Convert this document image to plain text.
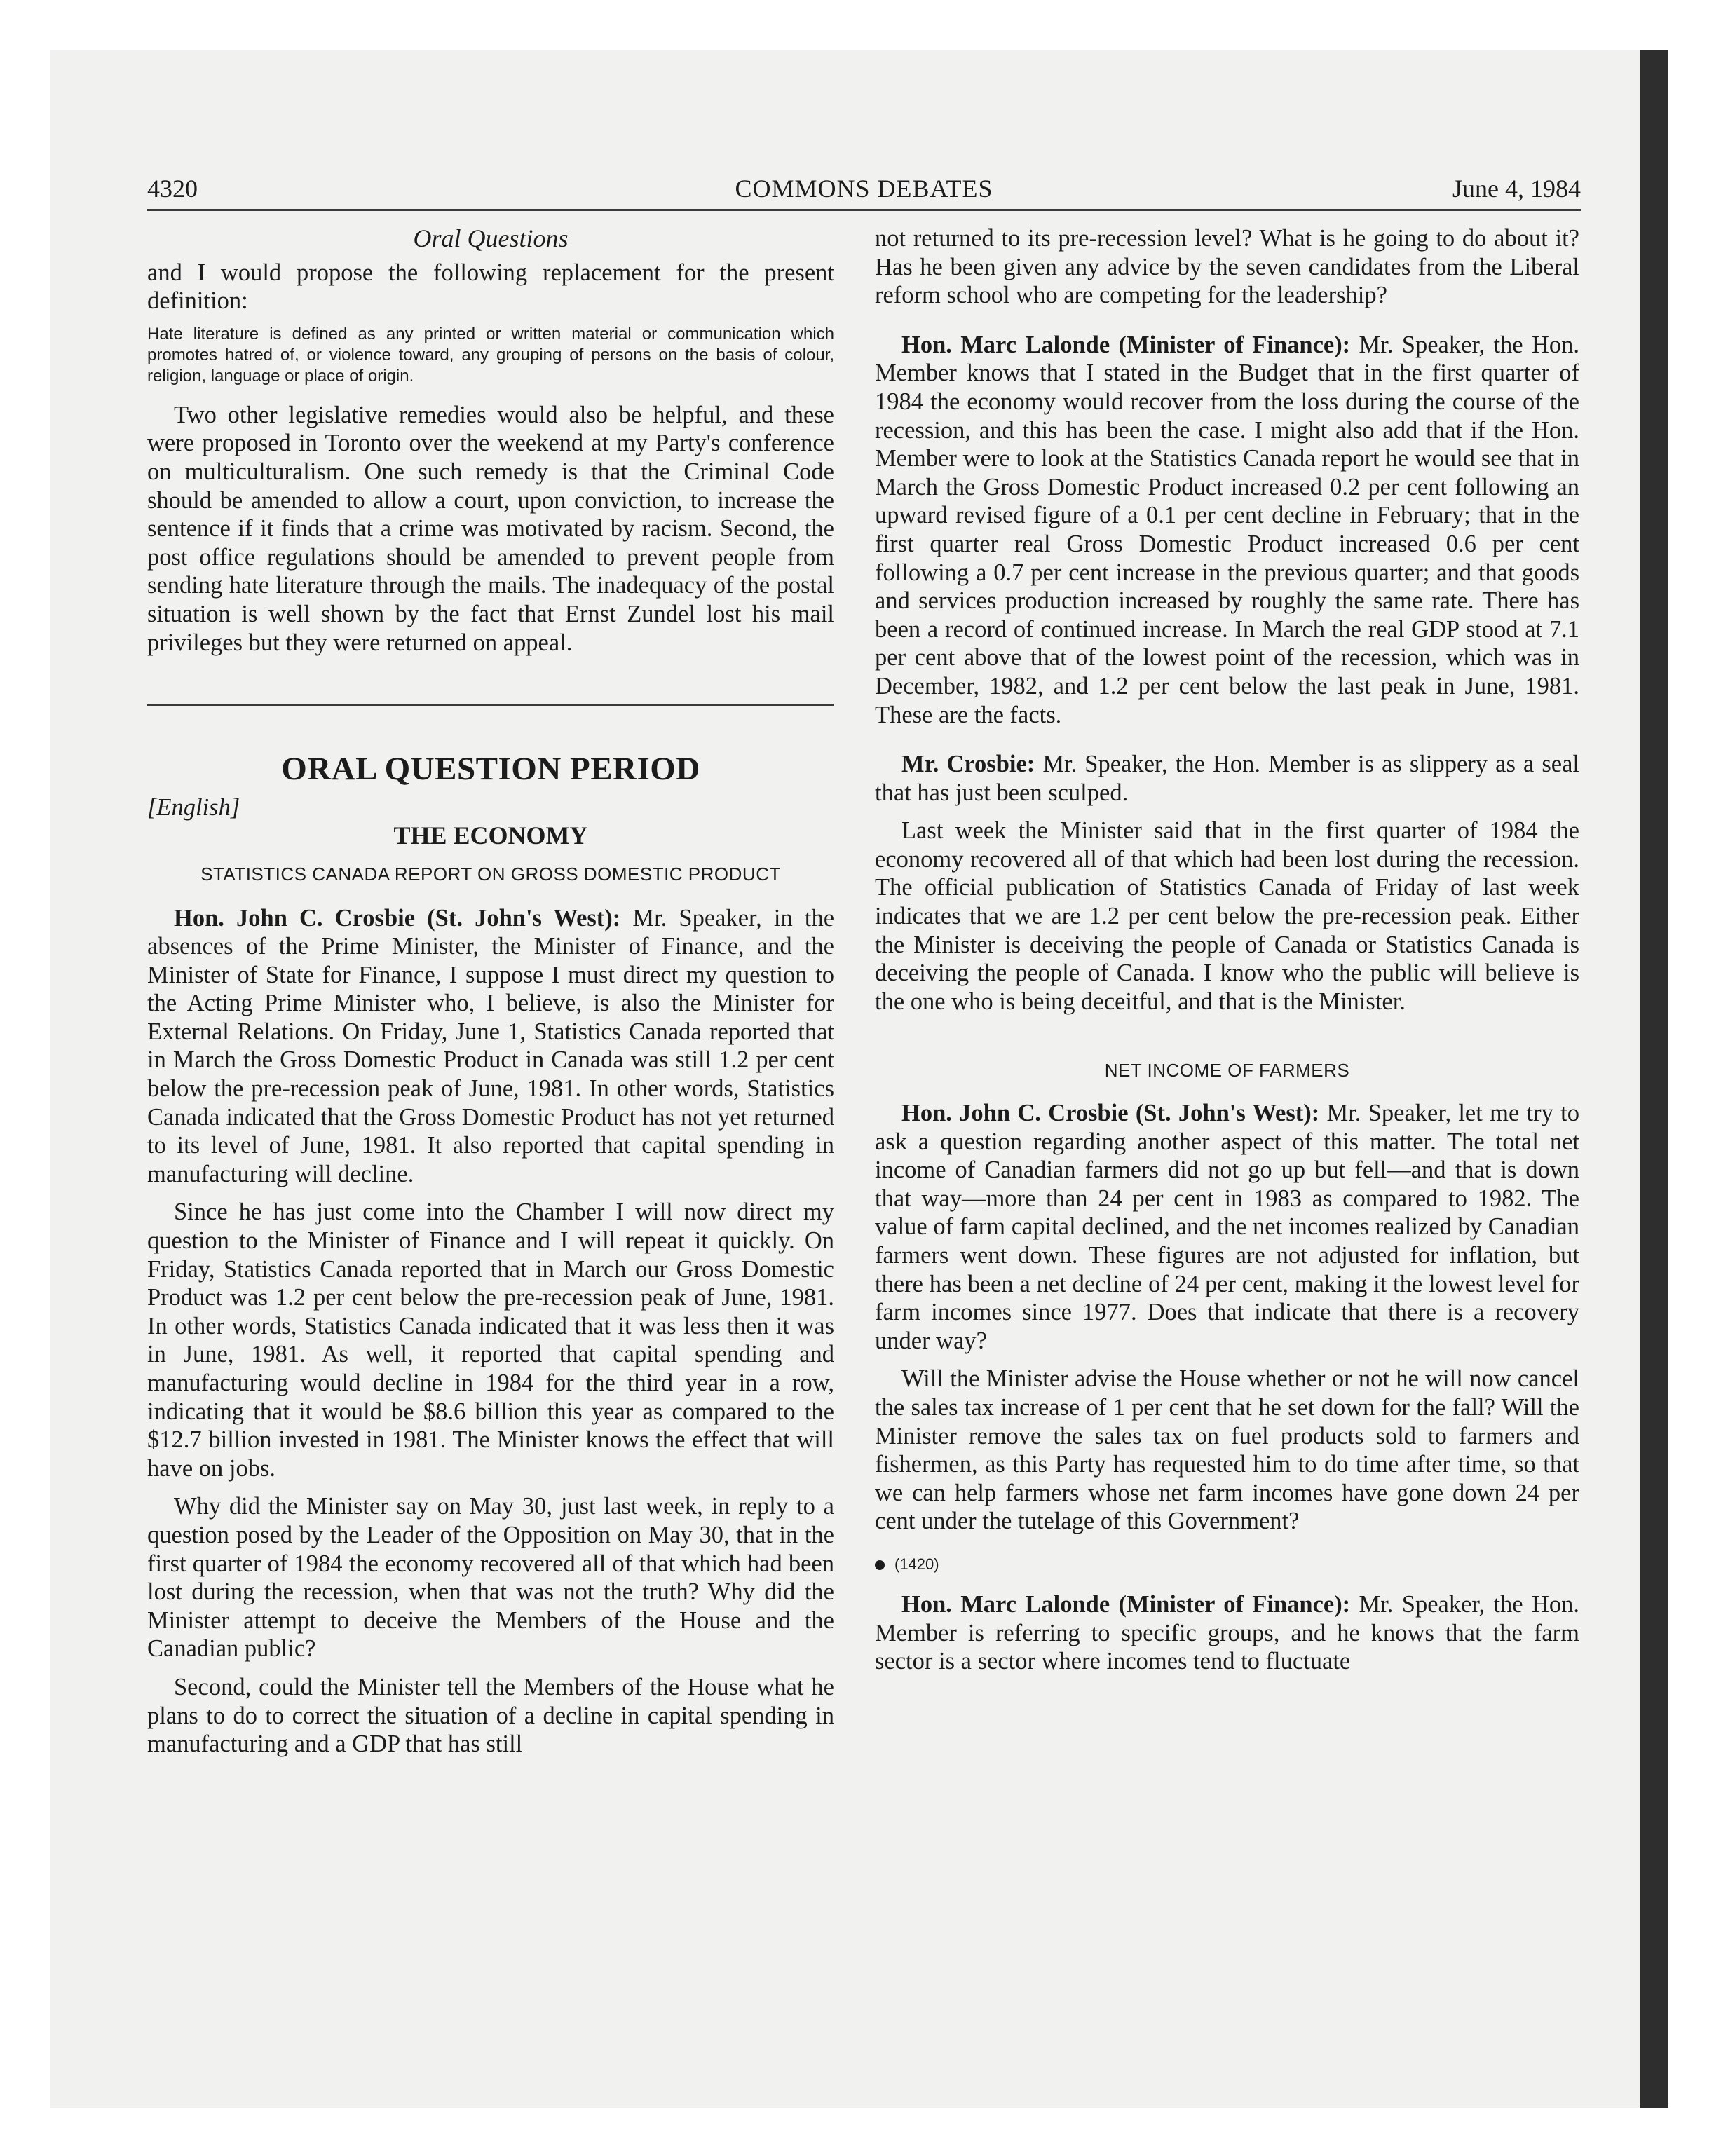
4320	COMMONS DEBATES	June 4, 1984
Oral Questions

and I would propose the following replacement for the present definition:

Hate literature is defined as any printed or written material or communication which promotes hatred of, or violence toward, any grouping of persons on the basis of colour, religion, language or place of origin.

Two other legislative remedies would also be helpful, and these were proposed in Toronto over the weekend at my Party's conference on multiculturalism. One such remedy is that the Criminal Code should be amended to allow a court, upon conviction, to increase the sentence if it finds that a crime was motivated by racism. Second, the post office regulations should be amended to prevent people from sending hate literature through the mails. The inadequacy of the postal situation is well shown by the fact that Ernst Zundel lost his mail privileges but they were returned on appeal.

ORAL QUESTION PERIOD
[English]
THE ECONOMY
STATISTICS CANADA REPORT ON GROSS DOMESTIC PRODUCT

Hon. John C. Crosbie (St. John's West): Mr. Speaker, in the absences of the Prime Minister, the Minister of Finance, and the Minister of State for Finance, I suppose I must direct my question to the Acting Prime Minister who, I believe, is also the Minister for External Relations. On Friday, June 1, Statistics Canada reported that in March the Gross Domestic Product in Canada was still 1.2 per cent below the pre-recession peak of June, 1981. In other words, Statistics Canada indicated that the Gross Domestic Product has not yet returned to its level of June, 1981. It also reported that capital spending in manufacturing will decline.

Since he has just come into the Chamber I will now direct my question to the Minister of Finance and I will repeat it quickly. On Friday, Statistics Canada reported that in March our Gross Domestic Product was 1.2 per cent below the pre-recession peak of June, 1981. In other words, Statistics Canada indicated that it was less then it was in June, 1981. As well, it reported that capital spending and manufacturing would decline in 1984 for the third year in a row, indicating that it would be $8.6 billion this year as compared to the $12.7 billion invested in 1981. The Minister knows the effect that will have on jobs.

Why did the Minister say on May 30, just last week, in reply to a question posed by the Leader of the Opposition on May 30, that in the first quarter of 1984 the economy recovered all of that which had been lost during the recession, when that was not the truth? Why did the Minister attempt to deceive the Members of the House and the Canadian public?

Second, could the Minister tell the Members of the House what he plans to do to correct the situation of a decline in capital spending in manufacturing and a GDP that has still

not returned to its pre-recession level? What is he going to do about it? Has he been given any advice by the seven candidates from the Liberal reform school who are competing for the leadership?

Hon. Marc Lalonde (Minister of Finance): Mr. Speaker, the Hon. Member knows that I stated in the Budget that in the first quarter of 1984 the economy would recover from the loss during the course of the recession, and this has been the case. I might also add that if the Hon. Member were to look at the Statistics Canada report he would see that in March the Gross Domestic Product increased 0.2 per cent following an upward revised figure of a 0.1 per cent decline in February; that in the first quarter real Gross Domestic Product increased 0.6 per cent following a 0.7 per cent increase in the previous quarter; and that goods and services production increased by roughly the same rate. There has been a record of continued increase. In March the real GDP stood at 7.1 per cent above that of the lowest point of the recession, which was in December, 1982, and 1.2 per cent below the last peak in June, 1981. These are the facts.

Mr. Crosbie: Mr. Speaker, the Hon. Member is as slippery as a seal that has just been sculped.

Last week the Minister said that in the first quarter of 1984 the economy recovered all of that which had been lost during the recession. The official publication of Statistics Canada of Friday of last week indicates that we are 1.2 per cent below the pre-recession peak. Either the Minister is deceiving the people of Canada or Statistics Canada is deceiving the people of Canada. I know who the public will believe is the one who is being deceitful, and that is the Minister.

NET INCOME OF FARMERS

Hon. John C. Crosbie (St. John's West): Mr. Speaker, let me try to ask a question regarding another aspect of this matter. The total net income of Canadian farmers did not go up but fell—and that is down that way—more than 24 per cent in 1983 as compared to 1982. The value of farm capital declined, and the net incomes realized by Canadian farmers went down. These figures are not adjusted for inflation, but there has been a net decline of 24 per cent, making it the lowest level for farm incomes since 1977. Does that indicate that there is a recovery under way?

Will the Minister advise the House whether or not he will now cancel the sales tax increase of 1 per cent that he set down for the fall? Will the Minister remove the sales tax on fuel products sold to farmers and fishermen, as this Party has requested him to do time after time, so that we can help farmers whose net farm incomes have gone down 24 per cent under the tutelage of this Government?

(1420)

Hon. Marc Lalonde (Minister of Finance): Mr. Speaker, the Hon. Member is referring to specific groups, and he knows that the farm sector is a sector where incomes tend to fluctuate
